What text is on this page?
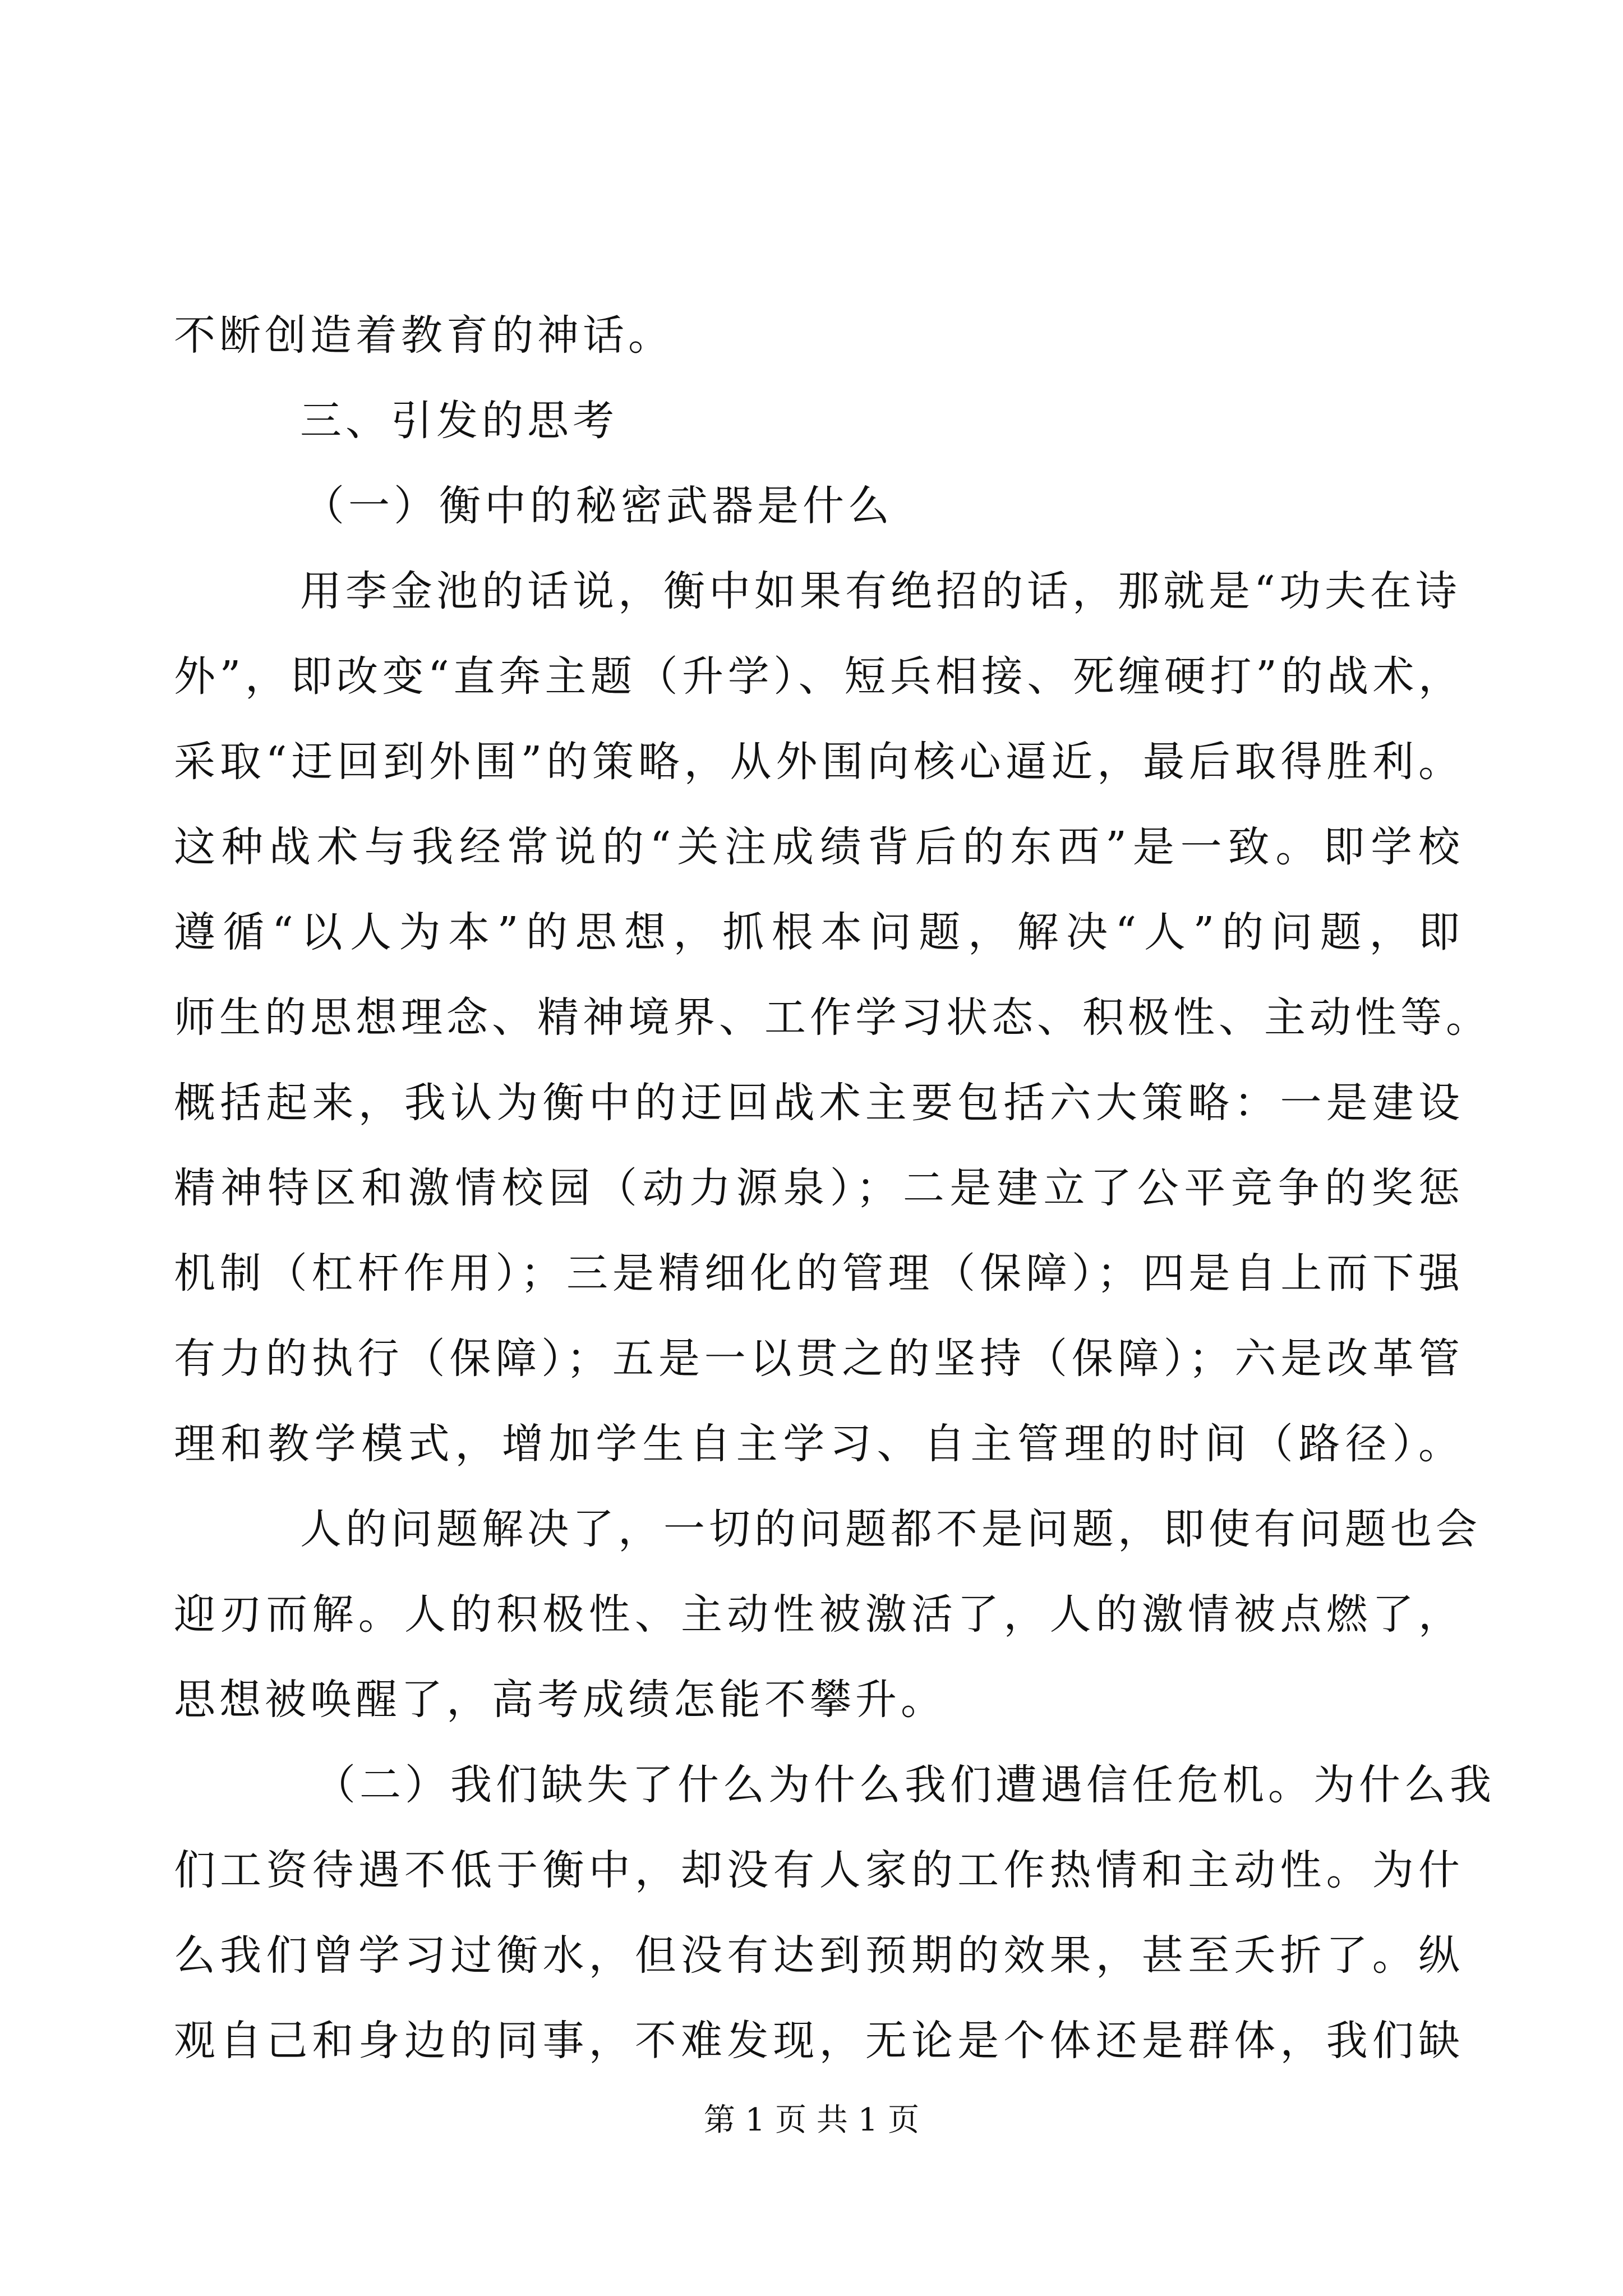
不断创造着教育的神话。
三、引发的思考
（一）衡中的秘密武器是什么
用李金池的话说，衡中如果有绝招的话，那就是“功夫在诗
外”，即改变“直奔主题（升学）、短兵相接、死缠硬打”的战术，
采取“迂回到外围”的策略，从外围向核心逼近，最后取得胜利。
这种战术与我经常说的“关注成绩背后的东西”是一致。即学校
遵循“以人为本”的思想，抓根本问题，解决“人”的问题，即
师生的思想理念、精神境界、工作学习状态、积极性、主动性等。
概括起来，我认为衡中的迂回战术主要包括六大策略：一是建设
精神特区和激情校园（动力源泉）；二是建立了公平竞争的奖惩
机制（杠杆作用）；三是精细化的管理（保障）；四是自上而下强
有力的执行（保障）；五是一以贯之的坚持（保障）；六是改革管
理和教学模式，增加学生自主学习、自主管理的时间（路径）。
人的问题解决了，一切的问题都不是问题，即使有问题也会
迎刃而解。人的积极性、主动性被激活了，人的激情被点燃了，
思想被唤醒了，高考成绩怎能不攀升。
（二）我们缺失了什么为什么我们遭遇信任危机。为什么我
们工资待遇不低于衡中，却没有人家的工作热情和主动性。为什
么我们曾学习过衡水，但没有达到预期的效果，甚至夭折了。纵
观自己和身边的同事，不难发现，无论是个体还是群体，我们缺
第 1 页 共 1 页
